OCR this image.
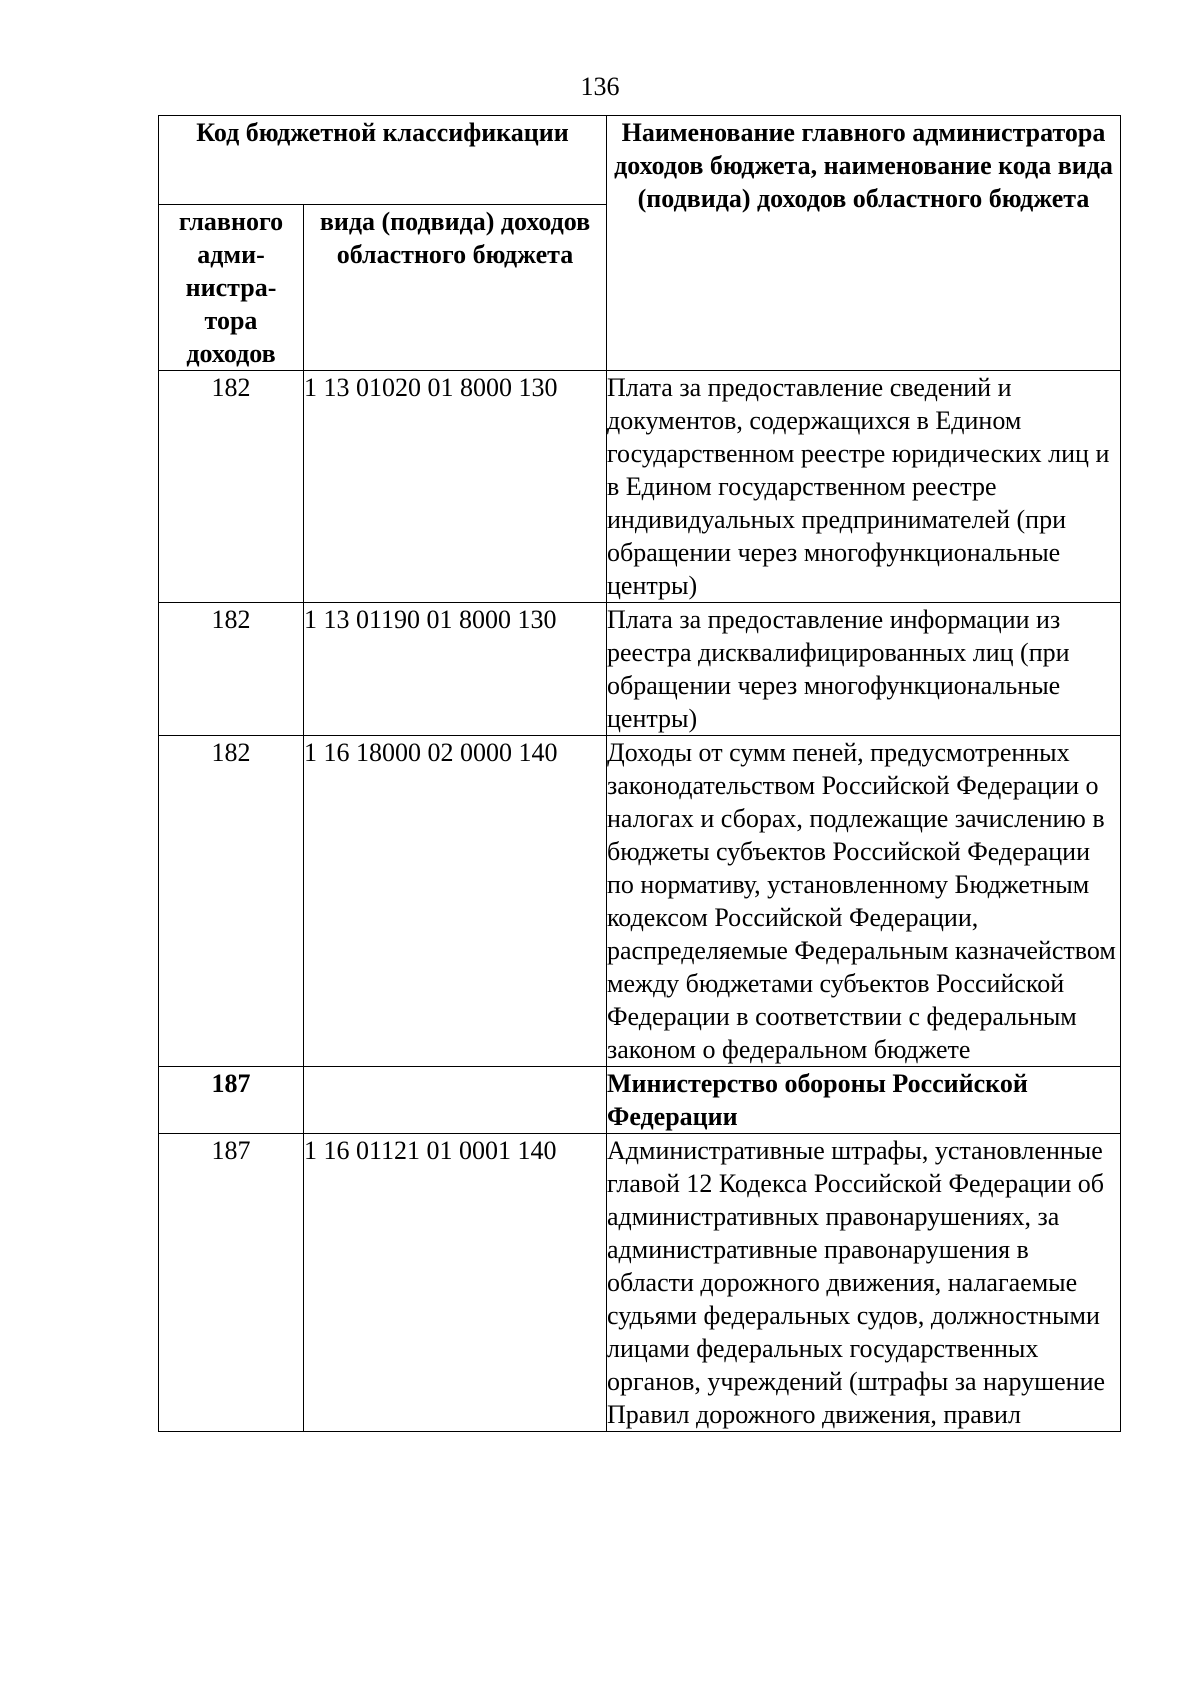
136
Код бюджетной классификации		Наименование главного администратора доходов бюджета, наименование кода вида (подвида) доходов областного бюджета

главного
адми-
нистра-
тора
доходов	вида (подвида) доходов областного бюджета	
182	1 13 01020 01 8000 130	Плата за предоставление сведений и документов, содержащихся в Едином государственном реестре юридических лиц и в Едином государственном реестре индивидуальных предпринимателей (при обращении через многофункциональные центры)
182	1 13 01190 01 8000 130	Плата за предоставление информации из реестра дисквалифицированных лиц (при обращении через многофункциональные центры)
182	1 16 18000 02 0000 140	Доходы от сумм пеней, предусмотренных законодательством Российской Федерации о налогах и сборах, подлежащие зачислению в бюджеты субъектов Российской Федерации по нормативу, установленному Бюджетным кодексом Российской Федерации, распределяемые Федеральным казначейством между бюджетами субъектов Российской Федерации в соответствии с федеральным законом о федеральном бюджете
187		Министерство обороны Российской Федерации
187	1 16 01121 01 0001 140	Административные штрафы, установленные главой 12 Кодекса Российской Федерации об административных правонарушениях, за административные правонарушения в области дорожного движения, налагаемые судьями федеральных судов, должностными лицами федеральных государственных органов, учреждений (штрафы за нарушение Правил дорожного движения, правил
